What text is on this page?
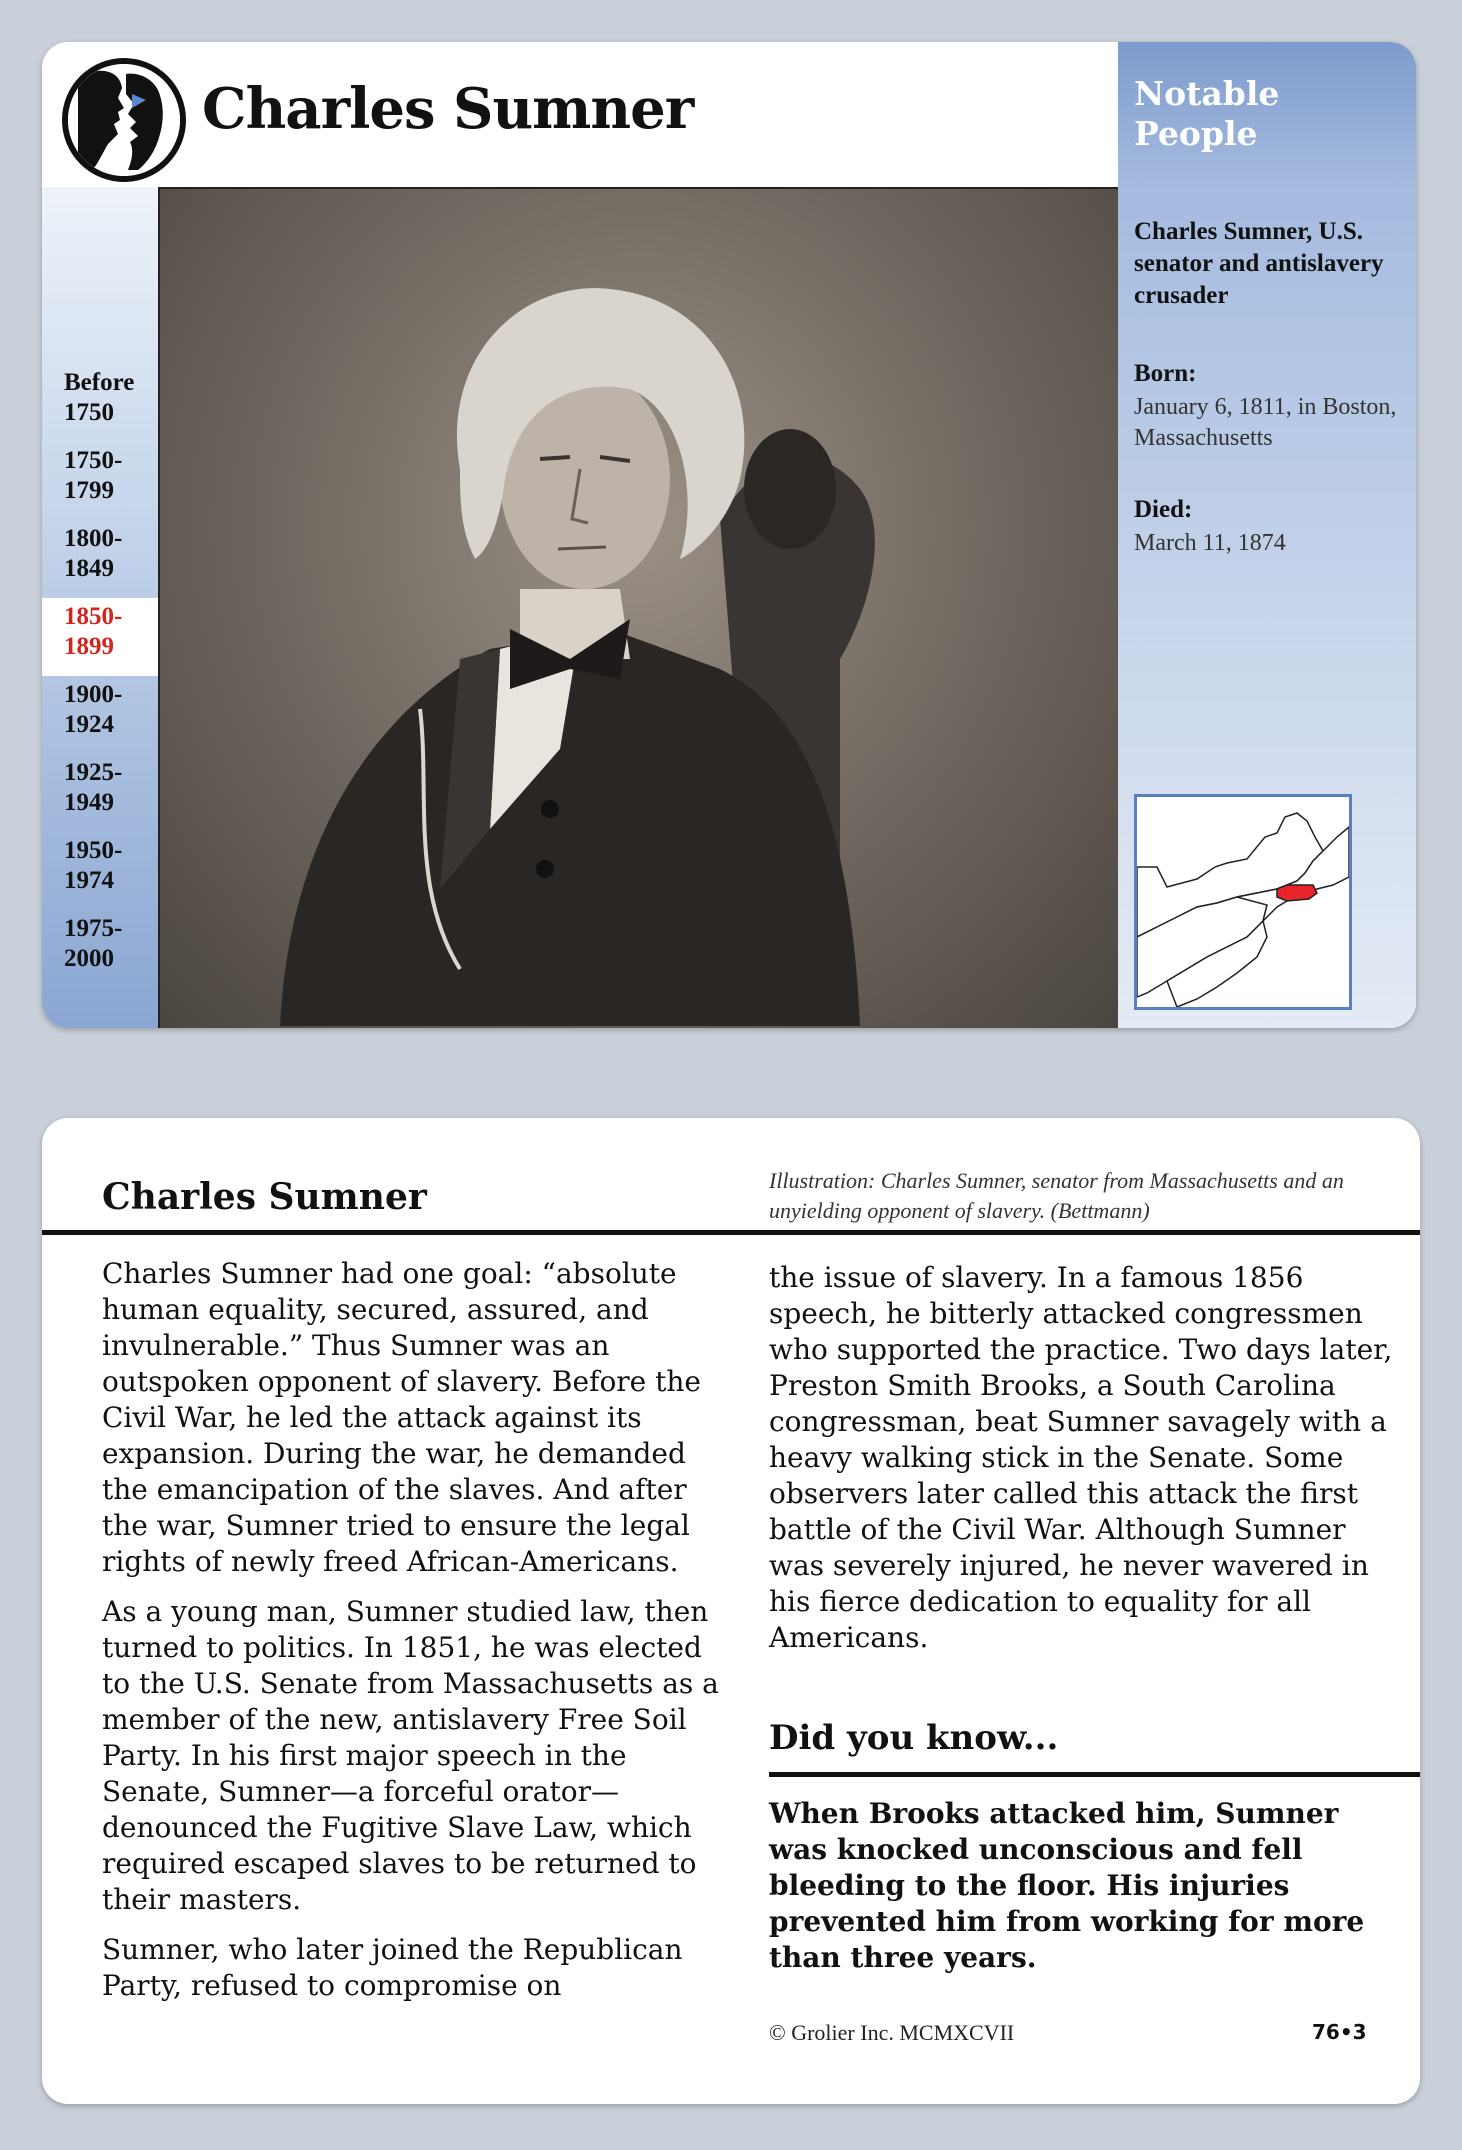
Charles Sumner
Before
1750
1750-
1799
1800-
1849
1850-
1899
1900-
1924
1925-
1949
1950-
1974
1975-
2000
Notable
People
Charles Sumner, U.S. senator and antislavery crusader
Born:
January 6, 1811, in Boston, Massachusetts
Died:
March 11, 1874
Charles Sumner	Illustration: Charles Sumner, senator from Massachusetts and an unyielding opponent of slavery. (Bettmann)

Charles Sumner had one goal: “absolute human equality, secured, assured, and invulnerable.” Thus Sumner was an outspoken opponent of slavery. Before the Civil War, he led the attack against its expansion. During the war, he demanded the emancipation of the slaves. And after the war, Sumner tried to ensure the legal rights of newly freed African-Americans.

As a young man, Sumner studied law, then turned to politics. In 1851, he was elected to the U.S. Senate from Massachusetts as a member of the new, antislavery Free Soil Party. In his first major speech in the Senate, Sumner—a forceful orator—denounced the Fugitive Slave Law, which required escaped slaves to be returned to their masters.

Sumner, who later joined the Republican Party, refused to compromise on

the issue of slavery. In a famous 1856 speech, he bitterly attacked congressmen who supported the practice. Two days later, Preston Smith Brooks, a South Carolina congressman, beat Sumner savagely with a heavy walking stick in the Senate. Some observers later called this attack the first battle of the Civil War. Although Sumner was severely injured, he never wavered in his fierce dedication to equality for all Americans.

Did you know...
When Brooks attacked him, Sumner was knocked unconscious and fell bleeding to the floor. His injuries prevented him from working for more than three years.
© Grolier Inc. MCMXCVII	76•3
